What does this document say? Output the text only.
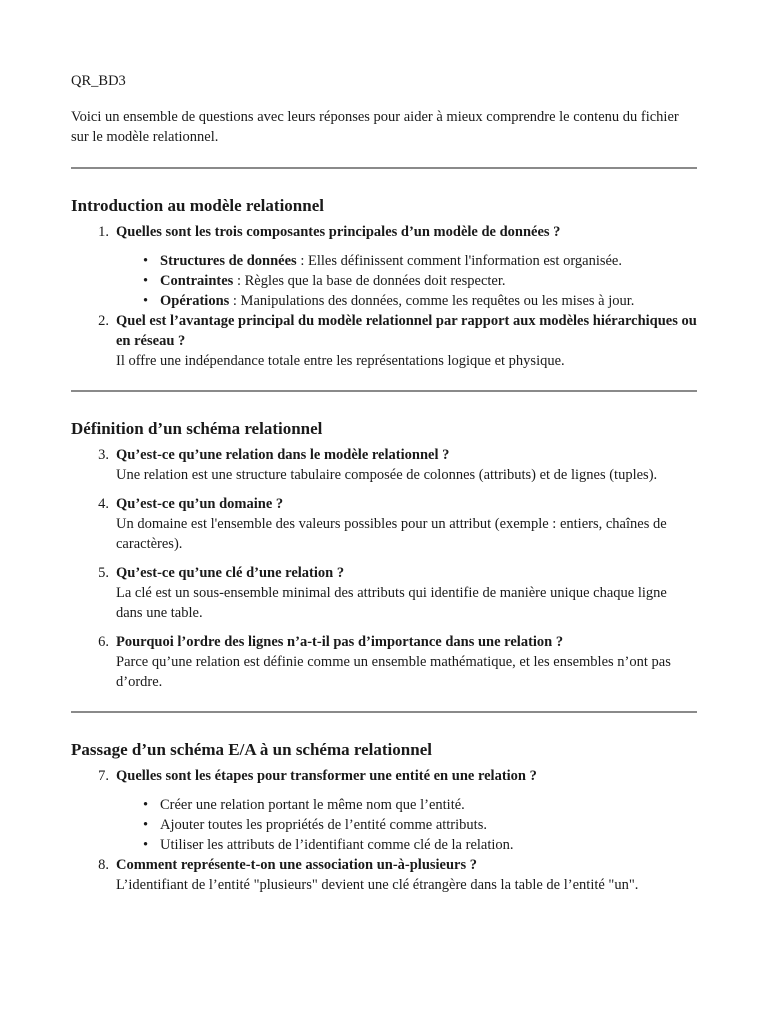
QR_BD3

Voici un ensemble de questions avec leurs réponses pour aider à mieux comprendre le contenu du fichier sur le modèle relationnel.

Introduction au modèle relationnel
1. Quelles sont les trois composantes principales d’un modèle de données ?
• Structures de données : Elles définissent comment l'information est organisée.
• Contraintes : Règles que la base de données doit respecter.
• Opérations : Manipulations des données, comme les requêtes ou les mises à jour.
2. Quel est l’avantage principal du modèle relationnel par rapport aux modèles hiérarchiques ou en réseau ?
Il offre une indépendance totale entre les représentations logique et physique.
Définition d’un schéma relationnel
3. Qu’est-ce qu’une relation dans le modèle relationnel ?
Une relation est une structure tabulaire composée de colonnes (attributs) et de lignes (tuples).
4. Qu’est-ce qu’un domaine ?
Un domaine est l'ensemble des valeurs possibles pour un attribut (exemple : entiers, chaînes de caractères).
5. Qu’est-ce qu’une clé d’une relation ?
La clé est un sous-ensemble minimal des attributs qui identifie de manière unique chaque ligne dans une table.
6. Pourquoi l’ordre des lignes n’a-t-il pas d’importance dans une relation ?
Parce qu’une relation est définie comme un ensemble mathématique, et les ensembles n’ont pas d’ordre.
Passage d’un schéma E/A à un schéma relationnel
7. Quelles sont les étapes pour transformer une entité en une relation ?
• Créer une relation portant le même nom que l’entité.
• Ajouter toutes les propriétés de l’entité comme attributs.
• Utiliser les attributs de l’identifiant comme clé de la relation.
8. Comment représente-t-on une association un-à-plusieurs ?
L’identifiant de l’entité "plusieurs" devient une clé étrangère dans la table de l’entité "un".
